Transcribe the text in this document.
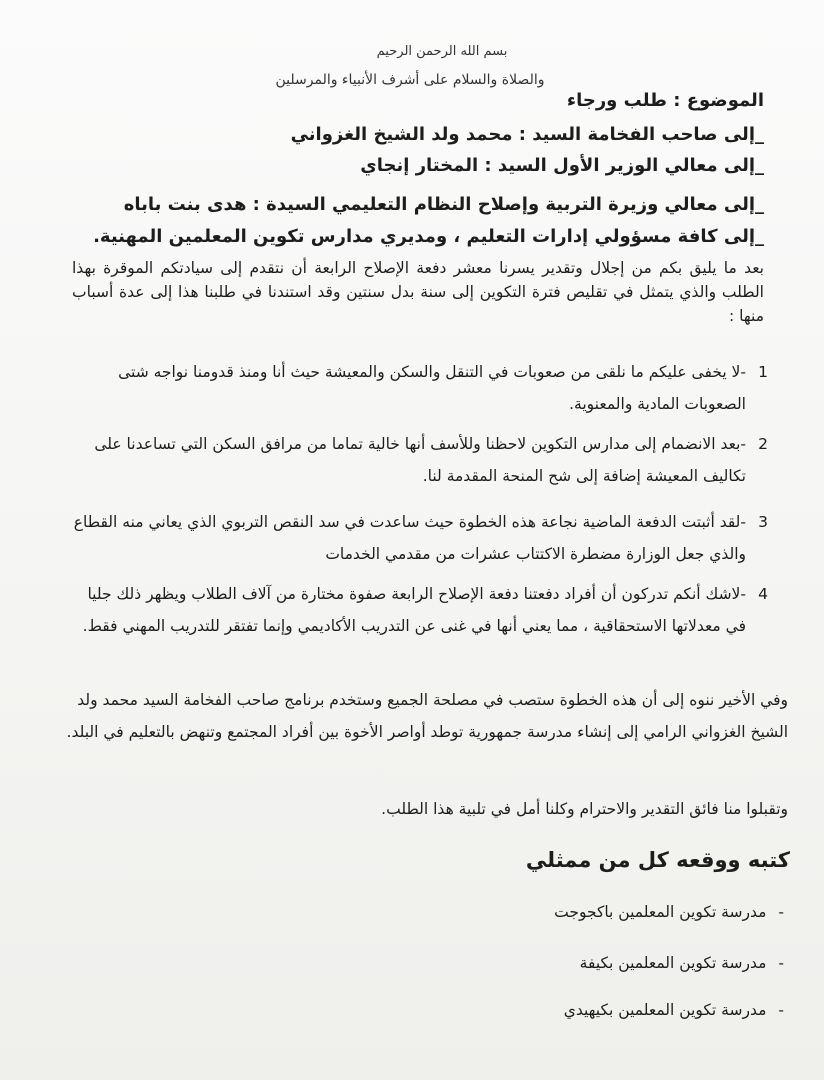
بسم الله الرحمن الرحيم
والصلاة والسلام على أشرف الأنبياء والمرسلين
الموضوع : طلب ورجاء
_إلى صاحب الفخامة السيد : محمد ولد الشيخ الغزواني
_إلى معالي الوزير الأول السيد : المختار إنجاي
_إلى معالي وزيرة التربية وإصلاح النظام التعليمي السيدة : هدى بنت باباه
_إلى كافة مسؤولي إدارات التعليم ، ومديري مدارس تكوين المعلمين المهنية.
بعد ما يليق بكم من إجلال وتقدير يسرنا معشر دفعة الإصلاح الرابعة أن نتقدم إلى سيادتكم الموقرة بهذا الطلب والذي يتمثل في تقليص فترة التكوين إلى سنة بدل سنتين وقد استندنا في طلبنا هذا إلى عدة أسباب منها :
1
-لا يخفى عليكم ما نلقى من صعوبات في التنقل والسكن والمعيشة حيث أنا ومنذ قدومنا نواجه شتى الصعوبات المادية والمعنوية.
2
-بعد الانضمام إلى مدارس التكوين لاحظنا وللأسف أنها خالية تماما من مرافق السكن التي تساعدنا على تكاليف المعيشة إضافة إلى شح المنحة المقدمة لنا.
3
-لقد أثبتت الدفعة الماضية نجاعة هذه الخطوة حيث ساعدت في سد النقص التربوي الذي يعاني منه القطاع والذي جعل الوزارة مضطرة الاكتتاب عشرات من مقدمي الخدمات
4
-لاشك أنكم تدركون أن أفراد دفعتنا دفعة الإصلاح الرابعة صفوة مختارة من آلاف الطلاب ويظهر ذلك جليا في معدلاتها الاستحقاقية ، مما يعني أنها في غنى عن التدريب الأكاديمي وإنما تفتقر للتدريب المهني فقط.
وفي الأخير ننوه إلى أن هذه الخطوة ستصب في مصلحة الجميع وستخدم برنامج صاحب الفخامة السيد محمد ولد الشيخ الغزواني الرامي إلى إنشاء مدرسة جمهورية توطد أواصر الأخوة بين أفراد المجتمع وتنهض بالتعليم في البلد.
وتقبلوا منا فائق التقدير والاحترام وكلنا أمل في تلبية هذا الطلب.
كتبه ووقعه كل من ممثلي
-مدرسة تكوين المعلمين باكجوجت
-مدرسة تكوين المعلمين بكيفة
-مدرسة تكوين المعلمين بكيهيدي
